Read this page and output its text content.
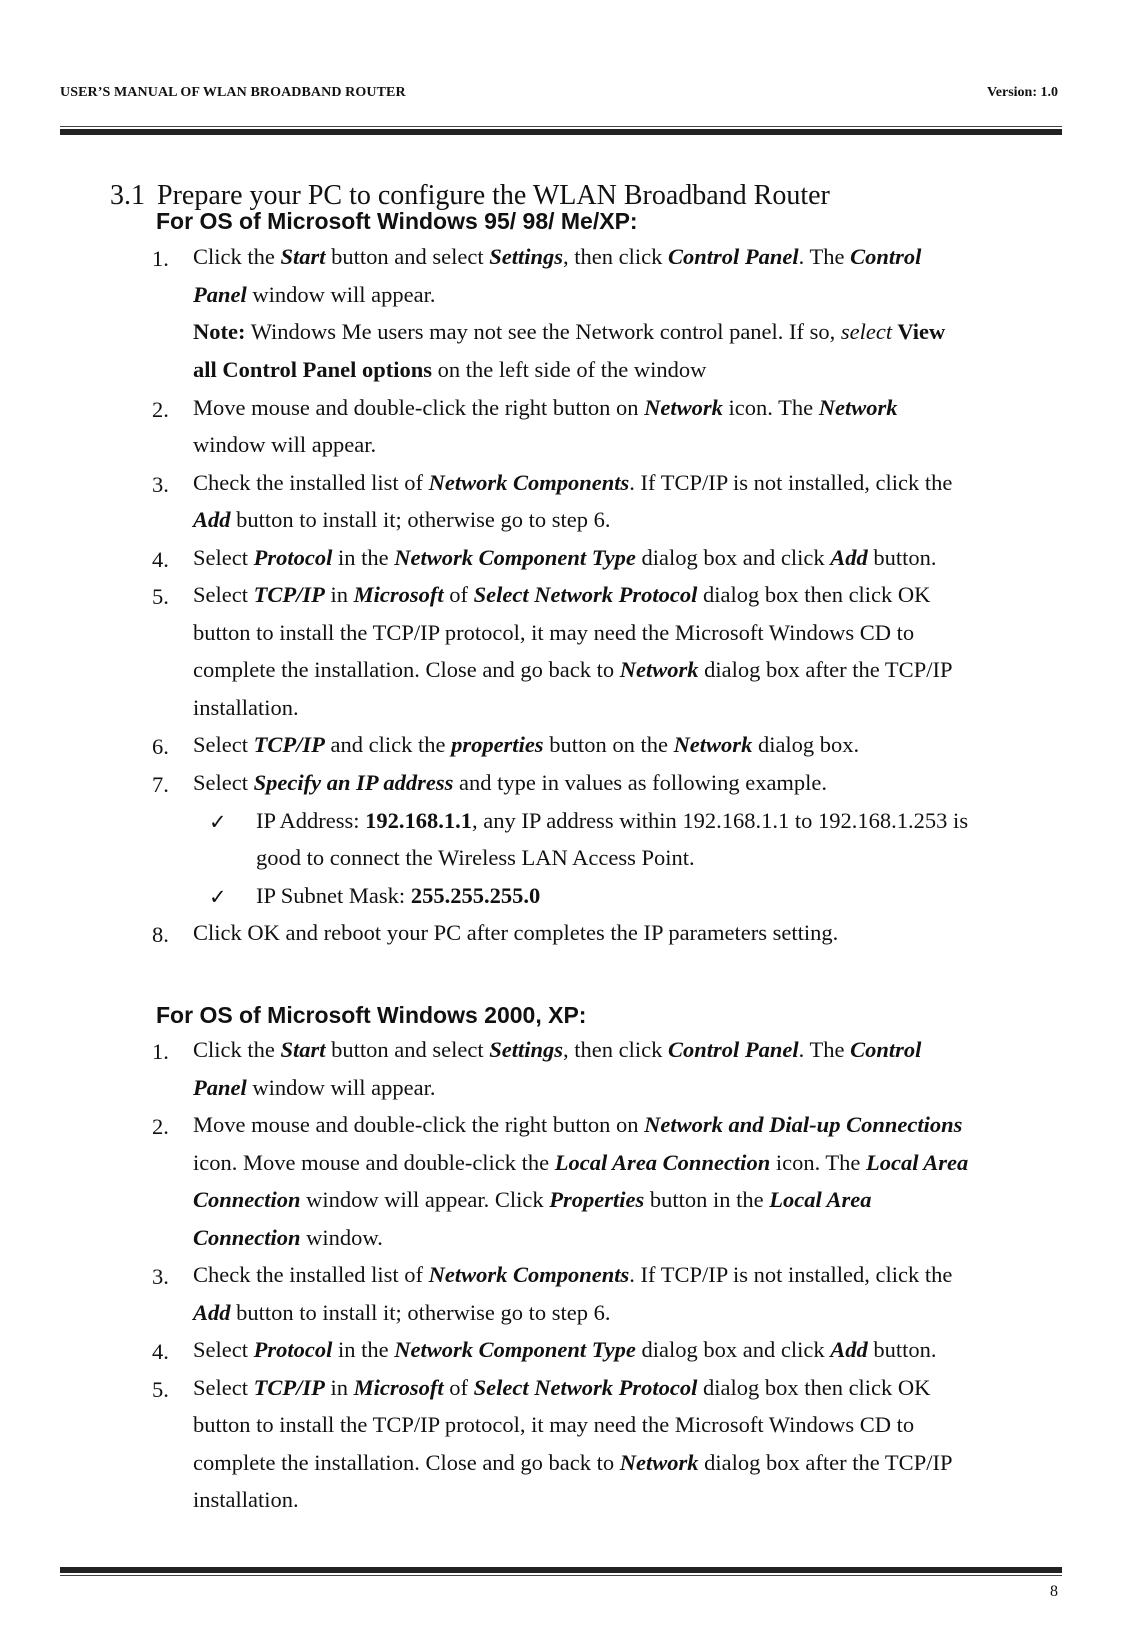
USER’S MANUAL OF WLAN BROADBAND ROUTER	Version: 1.0
3.1 Prepare your PC to configure the WLAN Broadband Router
For OS of Microsoft Windows 95/ 98/ Me/XP:
1. Click the Start button and select Settings, then click Control Panel. The Control
Panel window will appear.
Note: Windows Me users may not see the Network control panel. If so, select View
all Control Panel options on the left side of the window
2. Move mouse and double-click the right button on Network icon. The Network
window will appear.
3. Check the installed list of Network Components. If TCP/IP is not installed, click the
Add button to install it; otherwise go to step 6.
4. Select Protocol in the Network Component Type dialog box and click Add button.
5. Select TCP/IP in Microsoft of Select Network Protocol dialog box then click OK
button to install the TCP/IP protocol, it may need the Microsoft Windows CD to
complete the installation. Close and go back to Network dialog box after the TCP/IP
installation.
6. Select TCP/IP and click the properties button on the Network dialog box.
7. Select Specify an IP address and type in values as following example.
✓ IP Address: 192.168.1.1, any IP address within 192.168.1.1 to 192.168.1.253 is
good to connect the Wireless LAN Access Point.
✓ IP Subnet Mask: 255.255.255.0
8. Click OK and reboot your PC after completes the IP parameters setting.
For OS of Microsoft Windows 2000, XP:
1. Click the Start button and select Settings, then click Control Panel. The Control
Panel window will appear.
2. Move mouse and double-click the right button on Network and Dial-up Connections
icon. Move mouse and double-click the Local Area Connection icon. The Local Area
Connection window will appear. Click Properties button in the Local Area
Connection window.
3. Check the installed list of Network Components. If TCP/IP is not installed, click the
Add button to install it; otherwise go to step 6.
4. Select Protocol in the Network Component Type dialog box and click Add button.
5. Select TCP/IP in Microsoft of Select Network Protocol dialog box then click OK
button to install the TCP/IP protocol, it may need the Microsoft Windows CD to
complete the installation. Close and go back to Network dialog box after the TCP/IP
installation.
8
